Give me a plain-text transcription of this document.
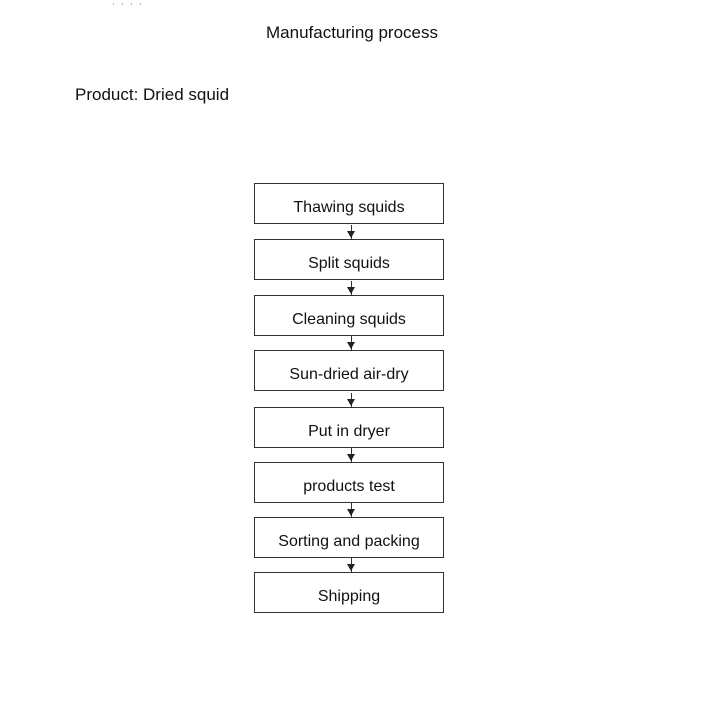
, , , ,
Manufacturing process
Product: Dried squid
Thawing squids
Split squids
Cleaning squids
Sun-dried air-dry
Put in dryer
products test
Sorting and packing
Shipping
